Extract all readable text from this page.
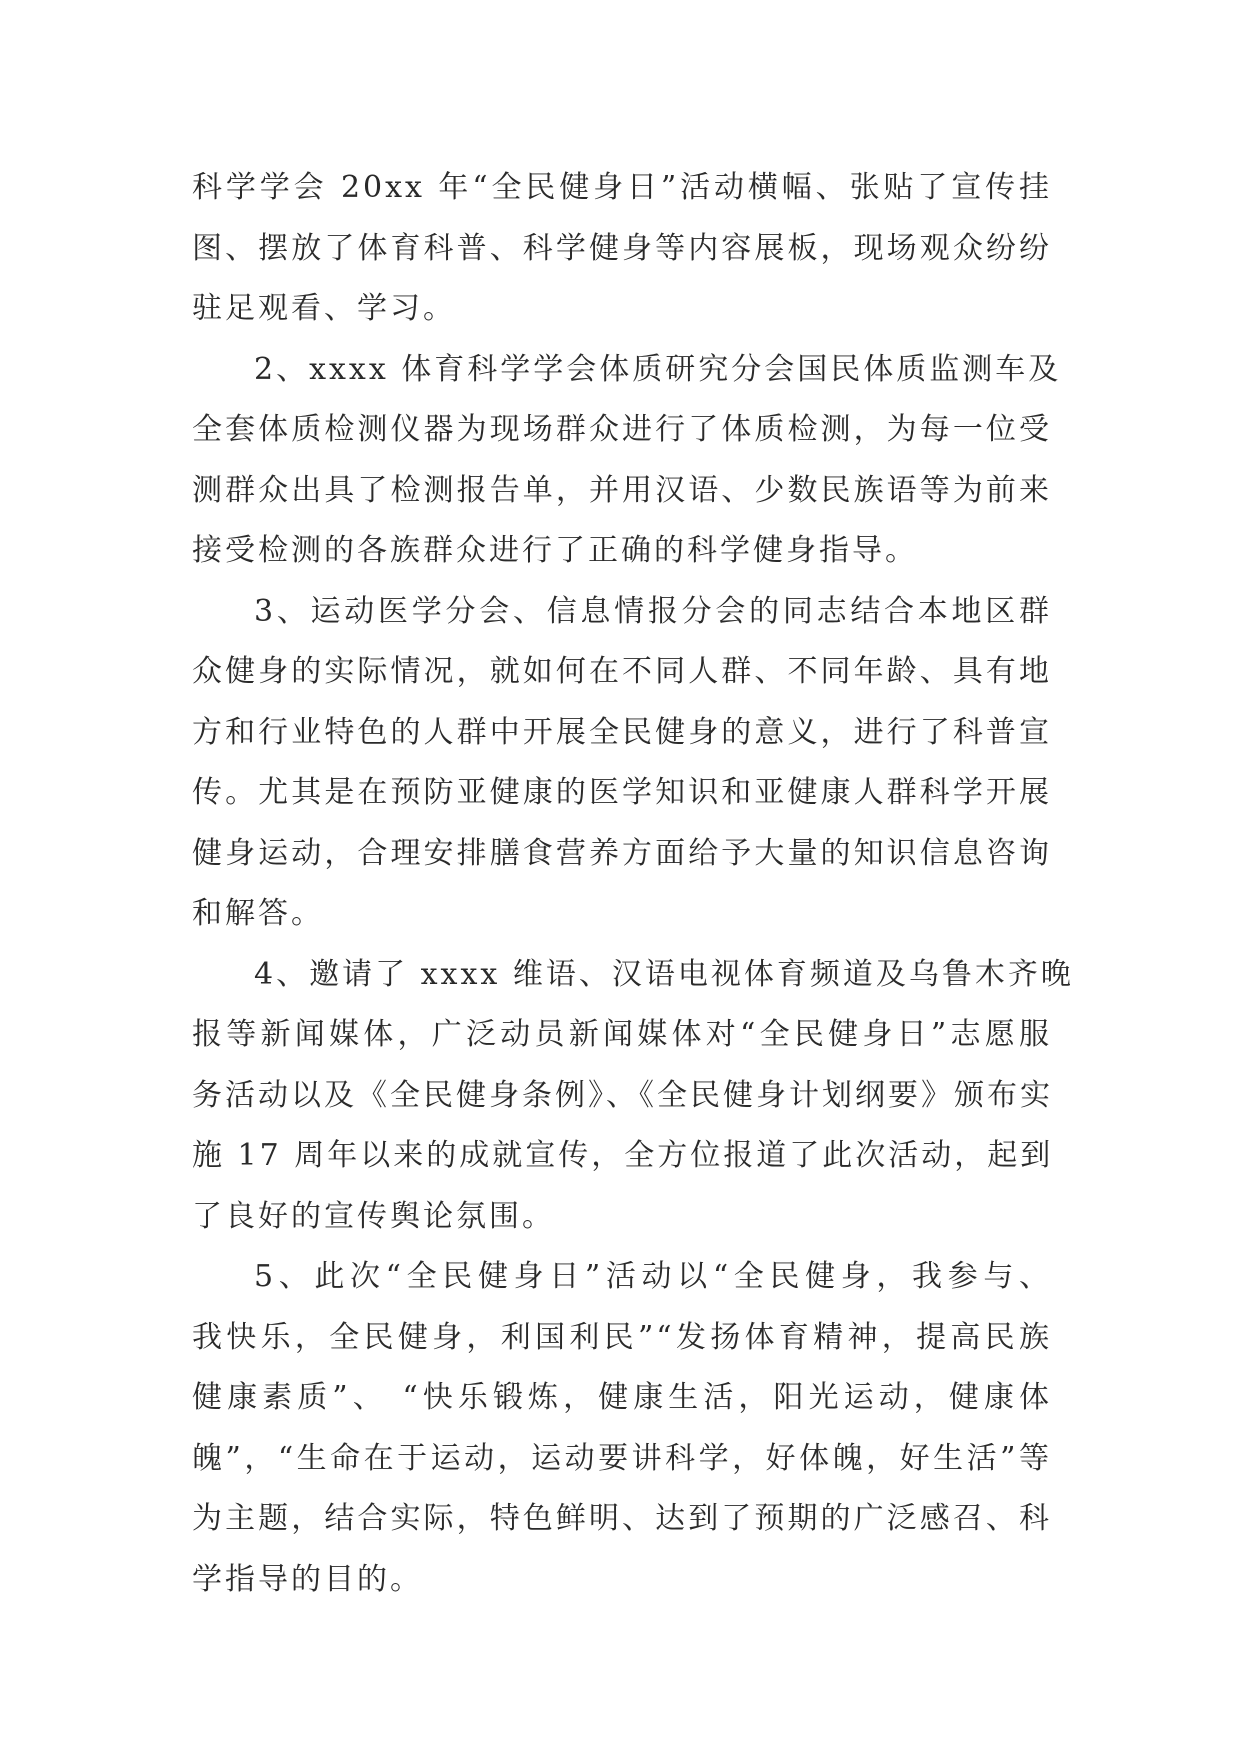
科学学会 20xx 年“全民健身日”活动横幅、张贴了宣传挂
图、摆放了体育科普、科学健身等内容展板，现场观众纷纷
驻足观看、学习。
2、xxxx 体育科学学会体质研究分会国民体质监测车及
全套体质检测仪器为现场群众进行了体质检测，为每一位受
测群众出具了检测报告单，并用汉语、少数民族语等为前来
接受检测的各族群众进行了正确的科学健身指导。
3、运动医学分会、信息情报分会的同志结合本地区群
众健身的实际情况，就如何在不同人群、不同年龄、具有地
方和行业特色的人群中开展全民健身的意义，进行了科普宣
传。尤其是在预防亚健康的医学知识和亚健康人群科学开展
健身运动，合理安排膳食营养方面给予大量的知识信息咨询
和解答。
4、邀请了 xxxx 维语、汉语电视体育频道及乌鲁木齐晚
报等新闻媒体，广泛动员新闻媒体对“全民健身日”志愿服
务活动以及《全民健身条例》、《全民健身计划纲要》颁布实
施 17 周年以来的成就宣传，全方位报道了此次活动，起到
了良好的宣传舆论氛围。
5、此次“全民健身日”活动以“全民健身，我参与、
我快乐，全民健身，利国利民”“发扬体育精神，提高民族
健康素质”、 “快乐锻炼，健康生活，阳光运动，健康体
魄”，“生命在于运动，运动要讲科学，好体魄，好生活”等
为主题，结合实际，特色鲜明、达到了预期的广泛感召、科
学指导的目的。
